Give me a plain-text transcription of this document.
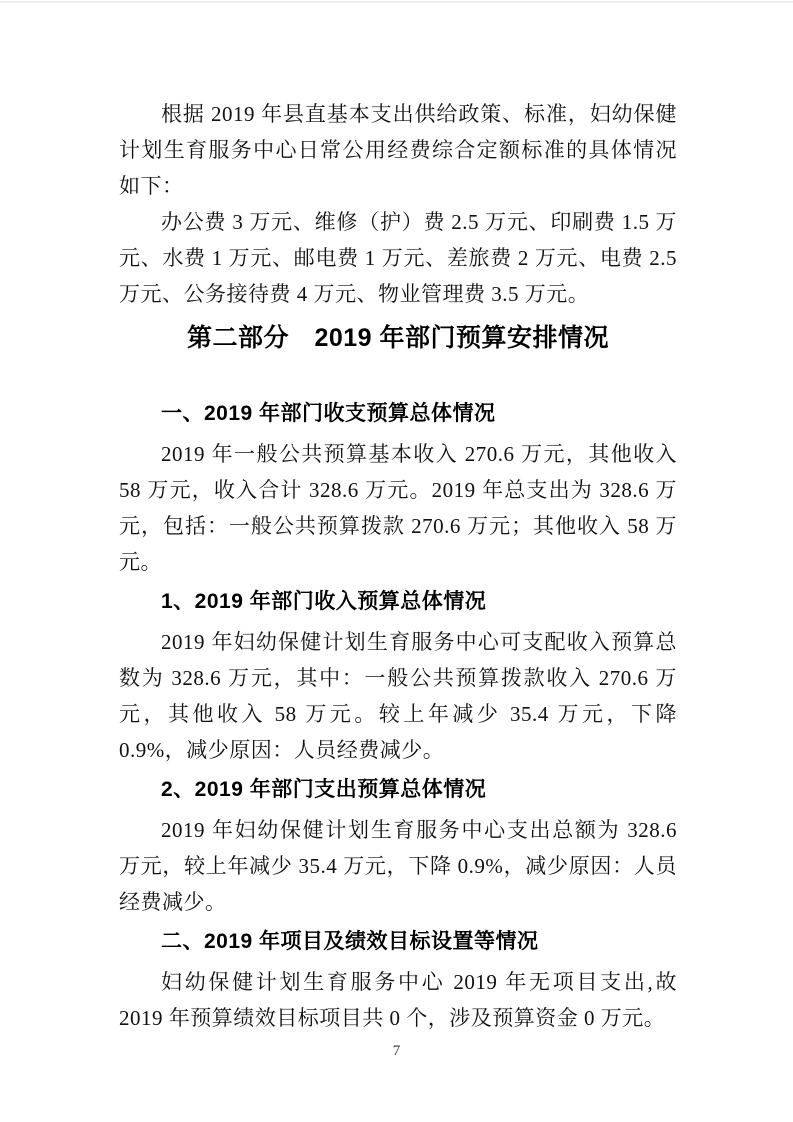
根据 2019 年县直基本支出供给政策、标准，妇幼保健计划生育服务中心日常公用经费综合定额标准的具体情况如下：

办公费 3 万元、维修（护）费 2.5 万元、印刷费 1.5 万元、水费 1 万元、邮电费 1 万元、差旅费 2 万元、电费 2.5 万元、公务接待费 4 万元、物业管理费 3.5 万元。

第二部分　2019 年部门预算安排情况
一、2019 年部门收支预算总体情况

2019 年一般公共预算基本收入 270.6 万元，其他收入 58 万元，收入合计 328.6 万元。2019 年总支出为 328.6 万元，包括：一般公共预算拨款 270.6 万元；其他收入 58 万元。

1、2019 年部门收入预算总体情况

2019 年妇幼保健计划生育服务中心可支配收入预算总数为 328.6 万元，其中：一般公共预算拨款收入 270.6 万元，其他收入 58 万元。较上年减少 35.4 万元，下降 0.9%，减少原因：人员经费减少。

2、2019 年部门支出预算总体情况

2019 年妇幼保健计划生育服务中心支出总额为 328.6 万元，较上年减少 35.4 万元，下降 0.9%，减少原因：人员经费减少。

二、2019 年项目及绩效目标设置等情况

妇幼保健计划生育服务中心 2019 年无项目支出,故 2019 年预算绩效目标项目共 0 个，涉及预算资金 0 万元。

7
